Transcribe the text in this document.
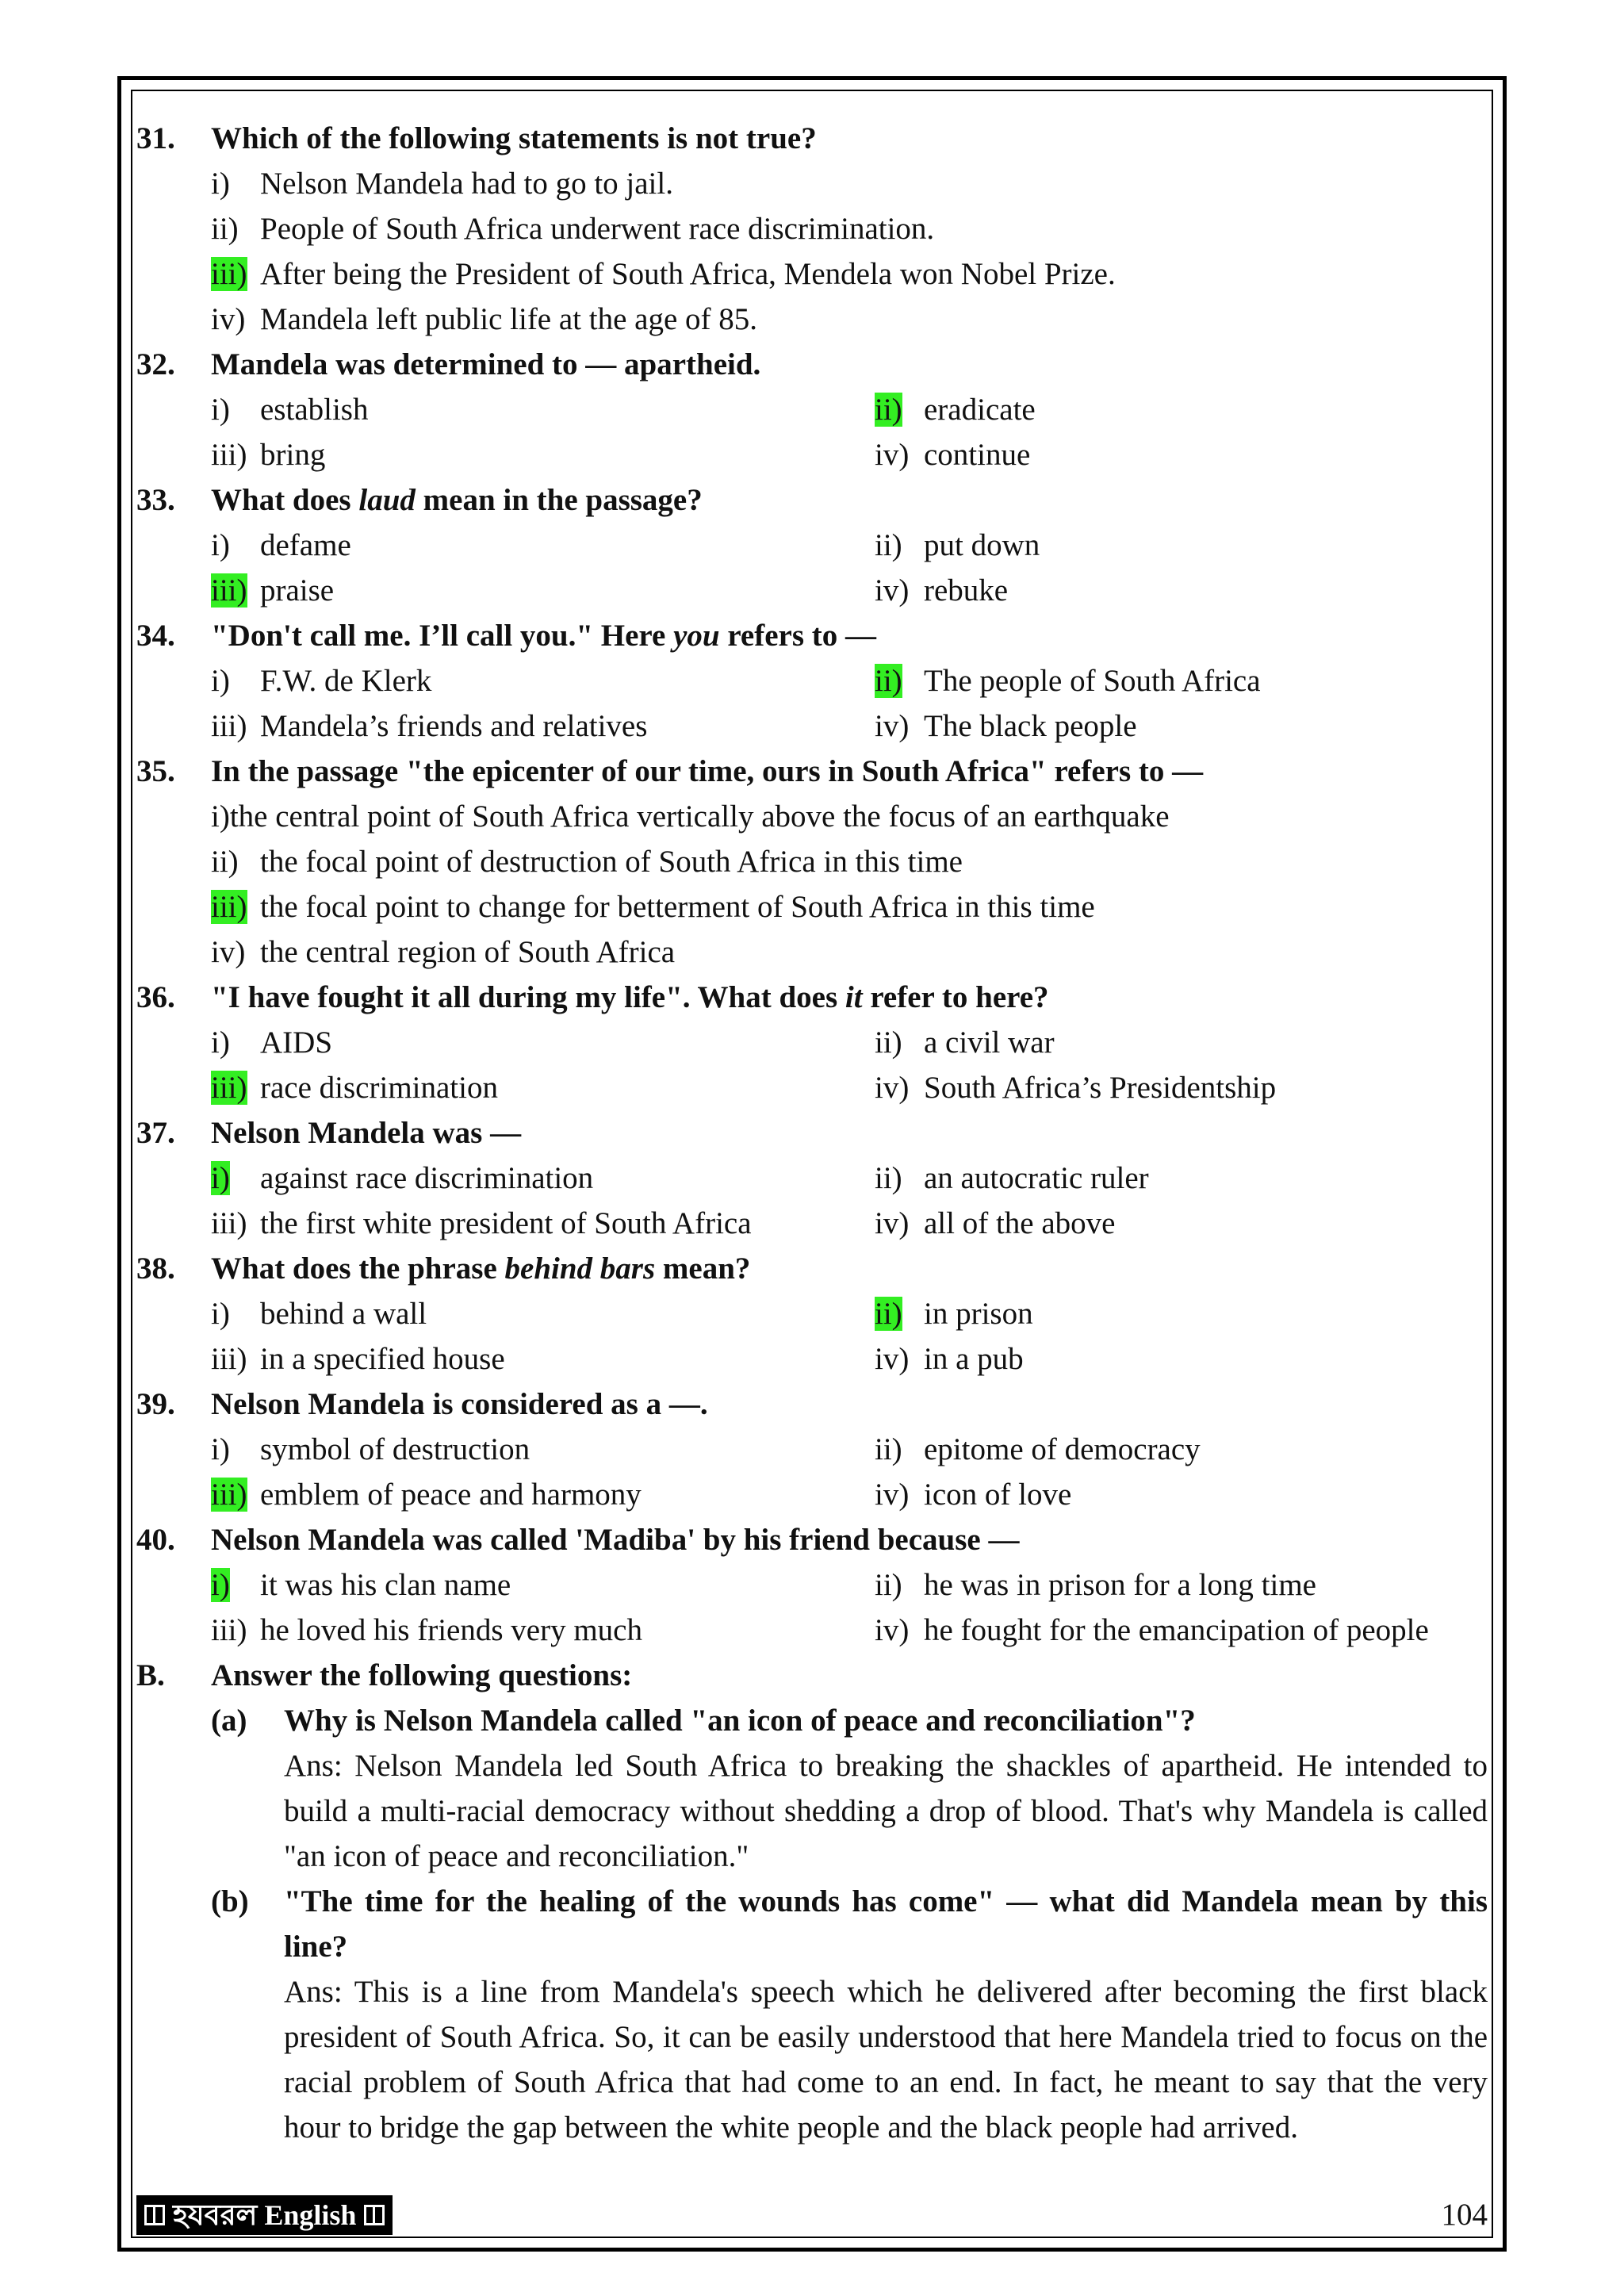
31. Which of the following statements is not true?
i) Nelson Mandela had to go to jail.
ii) People of South Africa underwent race discrimination.
iii) After being the President of South Africa, Mendela won Nobel Prize.
iv) Mandela left public life at the age of 85.
32. Mandela was determined to — apartheid.
i) establish	ii) eradicate
iii) bring	iv) continue
33. What does laud mean in the passage?
i) defame	ii) put down
iii) praise	iv) rebuke
34. "Don't call me. I’ll call you." Here you refers to —
i) F.W. de Klerk	ii) The people of South Africa
iii) Mandela’s friends and relatives	iv) The black people
35. In the passage "the epicenter of our time, ours in South Africa" refers to —
i)the central point of South Africa vertically above the focus of an earthquake
ii) the focal point of destruction of South Africa in this time
iii) the focal point to change for betterment of South Africa in this time
iv) the central region of South Africa
36. "I have fought it all during my life". What does it refer to here?
i) AIDS	ii) a civil war
iii) race discrimination	iv) South Africa’s Presidentship
37. Nelson Mandela was —
i) against race discrimination	ii) an autocratic ruler
iii) the first white president of South Africa	iv) all of the above
38. What does the phrase behind bars mean?
i) behind a wall	ii) in prison
iii) in a specified house	iv) in a pub
39. Nelson Mandela is considered as a —.
i) symbol of destruction	ii) epitome of democracy
iii) emblem of peace and harmony	iv) icon of love
40. Nelson Mandela was called 'Madiba' by his friend because —
i) it was his clan name	ii) he was in prison for a long time
iii) he loved his friends very much	iv) he fought for the emancipation of people
B. Answer the following questions:
(a) Why is Nelson Mandela called "an icon of peace and reconciliation"?
Ans: Nelson Mandela led South Africa to breaking the shackles of apartheid. He intended to build a multi-racial democracy without shedding a drop of blood. That's why Mandela is called "an icon of peace and reconciliation."
(b) "The time for the healing of the wounds has come" — what did Mandela mean by this line?
Ans: This is a line from Mandela's speech which he delivered after becoming the first black president of South Africa. So, it can be easily understood that here Mandela tried to focus on the racial problem of South Africa that had come to an end. In fact, he meant to say that the very hour to bridge the gap between the white people and the black people had arrived.
হযবরল English	104
